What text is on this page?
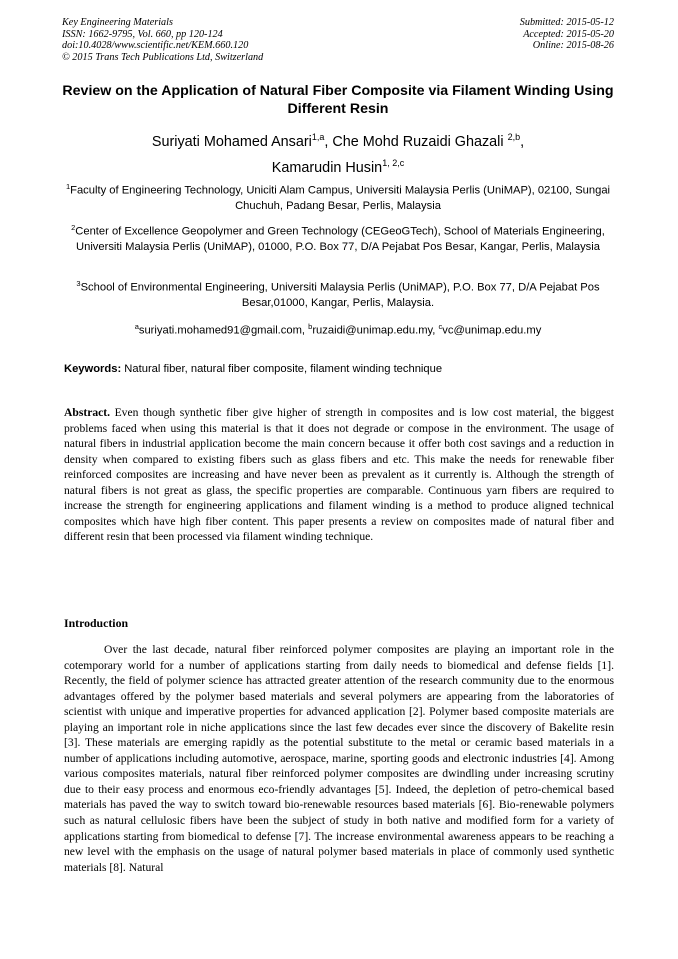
Key Engineering Materials
ISSN: 1662-9795, Vol. 660, pp 120-124
doi:10.4028/www.scientific.net/KEM.660.120
© 2015 Trans Tech Publications Ltd, Switzerland
Submitted: 2015-05-12
Accepted: 2015-05-20
Online: 2015-08-26
Review on the Application of Natural Fiber Composite via Filament Winding Using Different Resin
Suriyati Mohamed Ansari$^{1,a}$, Che Mohd Ruzaidi Ghazali $^{2,b}$,
Kamarudin Husin$^{1, 2,c}$
$^1$Faculty of Engineering Technology, Uniciti Alam Campus, Universiti Malaysia Perlis (UniMAP), 02100, Sungai Chuchuh, Padang Besar, Perlis, Malaysia
$^2$Center of Excellence Geopolymer and Green Technology (CEGeoGTech), School of Materials Engineering, Universiti Malaysia Perlis (UniMAP), 01000, P.O. Box 77, D/A Pejabat Pos Besar, Kangar, Perlis, Malaysia
$^3$School of Environmental Engineering, Universiti Malaysia Perlis (UniMAP), P.O. Box 77, D/A Pejabat Pos Besar,01000, Kangar, Perlis, Malaysia.
$^a$suriyati.mohamed91@gmail.com, $^b$ruzaidi@unimap.edu.my, $^c$vc@unimap.edu.my
Keywords: Natural fiber, natural fiber composite, filament winding technique
Abstract. Even though synthetic fiber give higher of strength in composites and is low cost material, the biggest problems faced when using this material is that it does not degrade or compose in the environment. The usage of natural fibers in industrial application become the main concern because it offer both cost savings and a reduction in density when compared to existing fibers such as glass fibers and etc. This make the needs for renewable fiber reinforced composites are increasing and have never been as prevalent as it currently is. Although the strength of natural fibers is not great as glass, the specific properties are comparable. Continuous yarn fibers are required to increase the strength for engineering applications and filament winding is a method to produce aligned technical composites which have high fiber content. This paper presents a review on composites made of natural fiber and different resin that been processed via filament winding technique.
Introduction
Over the last decade, natural fiber reinforced polymer composites are playing an important role in the cotemporary world for a number of applications starting from daily needs to biomedical and defense fields [1]. Recently, the field of polymer science has attracted greater attention of the research community due to the enormous advantages offered by the polymer based materials and several polymers are appearing from the laboratories of scientist with unique and imperative properties for advanced application [2]. Polymer based composite materials are playing an important role in niche applications since the last few decades ever since the discovery of Bakelite resin [3]. These materials are emerging rapidly as the potential substitute to the metal or ceramic based materials in a number of applications including automotive, aerospace, marine, sporting goods and electronic industries [4]. Among various composites materials, natural fiber reinforced polymer composites are dwindling under increasing scrutiny due to their easy process and enormous eco-friendly advantages [5]. Indeed, the depletion of petro-chemical based materials has paved the way to switch toward bio-renewable resources based materials [6]. Bio-renewable polymers such as natural cellulosic fibers have been the subject of study in both native and modified form for a variety of applications starting from biomedical to defense [7]. The increase environmental awareness appears to be reaching a new level with the emphasis on the usage of natural polymer based materials in place of commonly used synthetic materials [8]. Natural
